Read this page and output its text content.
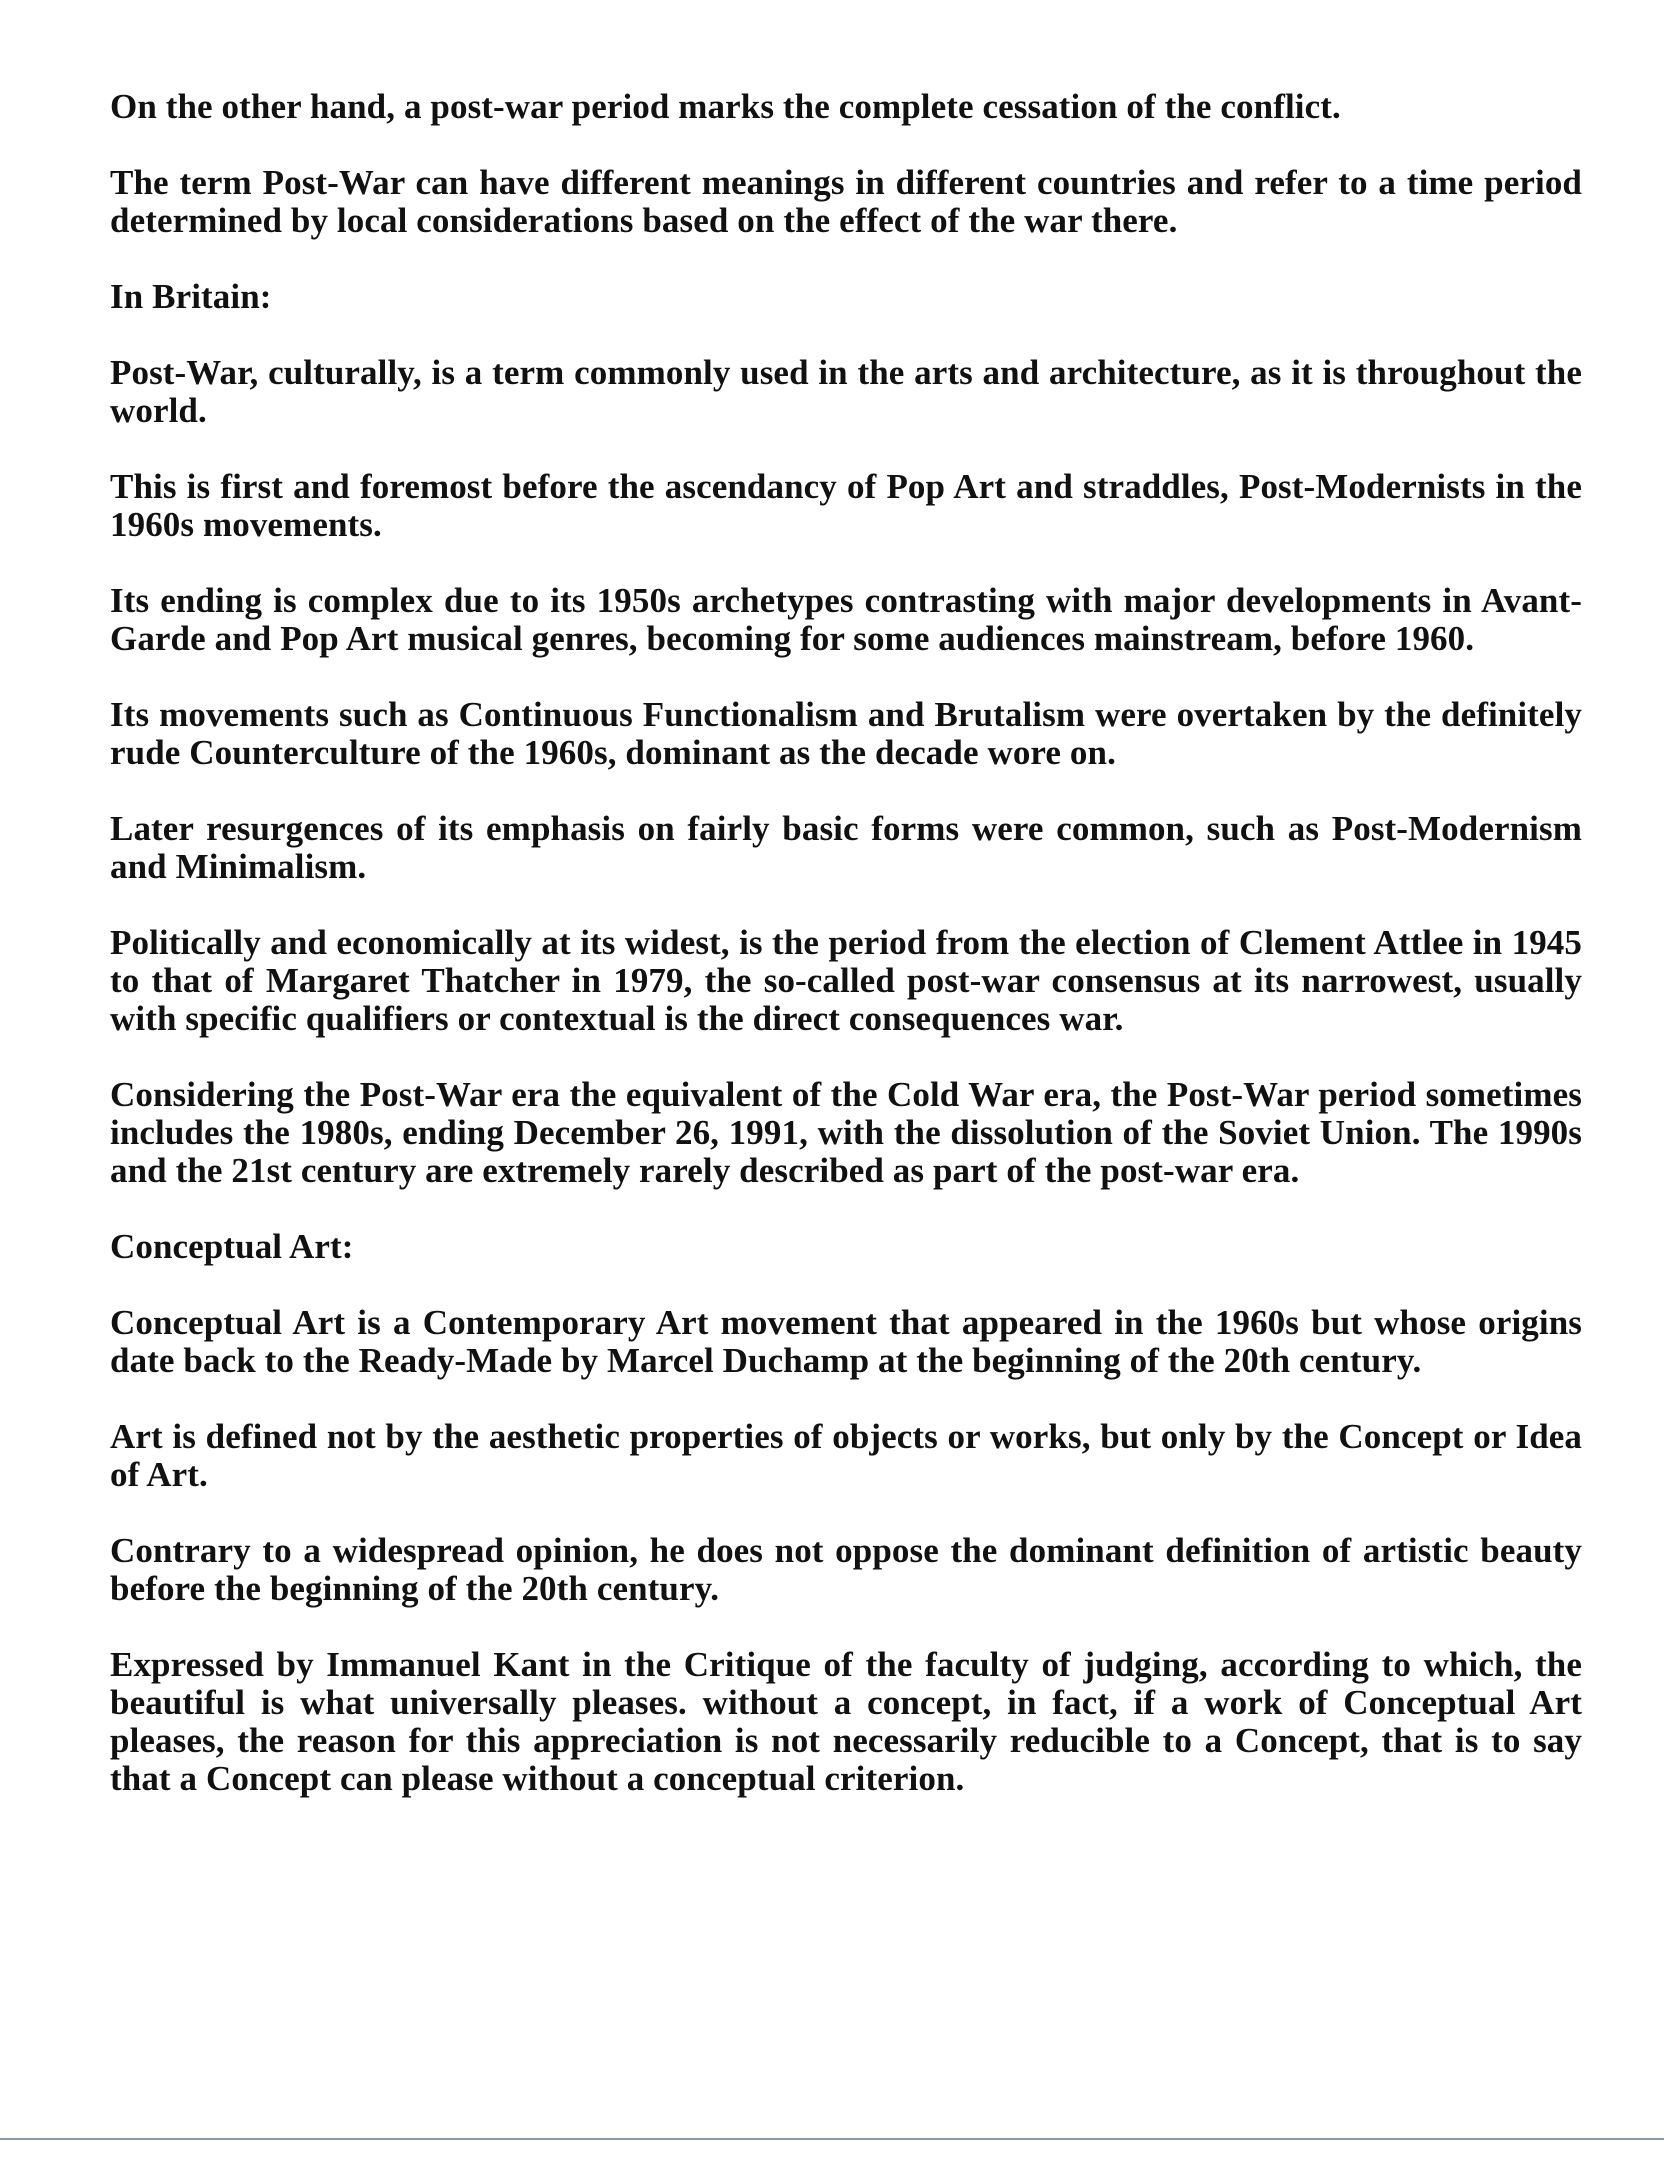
On the other hand, a post-war period marks the complete cessation of the conflict.

The term Post-War can have different meanings in different countries and refer to a time period determined by local considerations based on the effect of the war there.

In Britain:

Post-War, culturally, is a term commonly used in the arts and architecture, as it is throughout the world.

This is first and foremost before the ascendancy of Pop Art and straddles, Post-Modernists in the 1960s movements.

Its ending is complex due to its 1950s archetypes contrasting with major developments in Avant-Garde and Pop Art musical genres, becoming for some audiences mainstream, before 1960.

Its movements such as Continuous Functionalism and Brutalism were overtaken by the definitely rude Counterculture of the 1960s, dominant as the decade wore on.

Later resurgences of its emphasis on fairly basic forms were common, such as Post-Modernism and Minimalism.

Politically and economically at its widest, is the period from the election of Clement Attlee in 1945 to that of Margaret Thatcher in 1979, the so-called post-war consensus at its narrowest, usually with specific qualifiers or contextual is the direct consequences war.

Considering the Post-War era the equivalent of the Cold War era, the Post-War period sometimes includes the 1980s, ending December 26, 1991, with the dissolution of the Soviet Union. The 1990s and the 21st century are extremely rarely described as part of the post-war era.

Conceptual Art:

Conceptual Art is a Contemporary Art movement that appeared in the 1960s but whose origins date back to the Ready-Made by Marcel Duchamp at the beginning of the 20th century.

Art is defined not by the aesthetic properties of objects or works, but only by the Concept or Idea of Art.

Contrary to a widespread opinion, he does not oppose the dominant definition of artistic beauty before the beginning of the 20th century.

Expressed by Immanuel Kant in the Critique of the faculty of judging, according to which, the beautiful is what universally pleases. without a concept, in fact, if a work of Conceptual Art pleases, the reason for this appreciation is not necessarily reducible to a Concept, that is to say that a Concept can please without a conceptual criterion.
